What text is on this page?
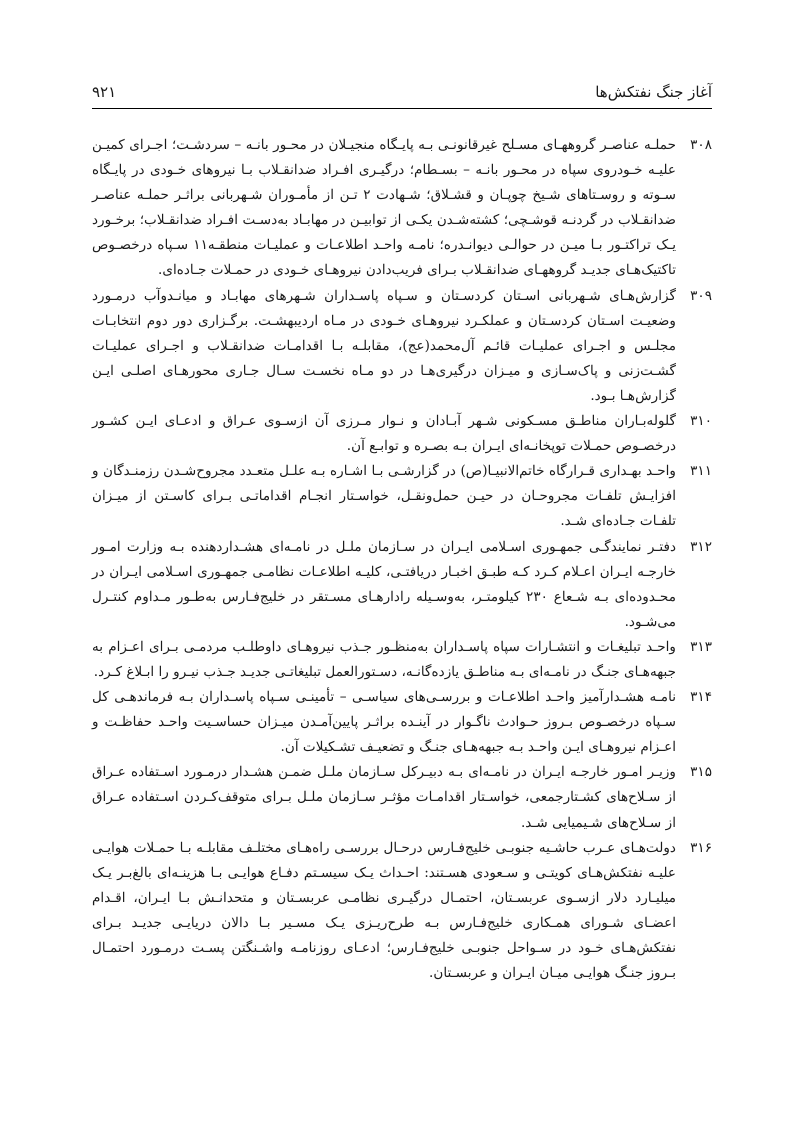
آغاز جنگ نفتکش‌ها
۹۲۱
۳۰۸
حملـه عناصـر گروههـای مسـلح غیرقانونـی بـه پایـگاه منجیـلان در محـور بانـه – سردشـت؛ اجـرای کمیـن علیـه خـودروی سپاه در محـور بانـه – بسـطام؛ درگیـری افـراد ضدانقـلاب بـا نیروهای خـودی در پایـگاه سـوته و روسـتاهای شـیخ چوپـان و قشـلاق؛ شـهادت ۲ تـن از مأمـوران شـهربانی براثـر حملـه عناصـر ضدانقـلاب در گردنـه قوشـچی؛ کشته‌شـدن یکـی از توابیـن در مهابـاد به‌دسـت افـراد ضدانقـلاب؛ برخـورد یـک تراکتـور بـا میـن در حوالـی دیوانـدره؛ نامـه واحـد اطلاعـات و عملیـات منطقـه۱۱ سـپاه درخصـوص تاکتیک‌هـای جدیـد گروههـای ضدانقـلاب بـرای فریب‌دادن نیروهـای خـودی در حمـلات جـاده‌ای.
۳۰۹
گزارش‌هـای شـهربانی اسـتان کردسـتان و سـپاه پاسـداران شـهرهای مهابـاد و میانـدوآب درمـورد وضعیـت اسـتان کردسـتان و عملکـرد نیروهـای خـودی در مـاه اردیبهشـت. برگـزاری دور دوم انتخابـات مجلـس و اجـرای عملیـات قائـم آل‌محمد(عج)، مقابلـه بـا اقدامـات ضدانقـلاب و اجـرای عملیـات گشـت‌زنی و پاک‌سـازی و میـزان درگیری‌هـا در دو مـاه نخسـت سـال جـاری محورهـای اصلـی ایـن گزارش‌هـا بـود.
۳۱۰
گلوله‌بـاران مناطـق مسـکونی شـهر آبـادان و نـوار مـرزی آن ازسـوی عـراق و ادعـای ایـن کشـور درخصـوص حمـلات توپخانـه‌ای ایـران بـه بصـره و توابـع آن.
۳۱۱
واحـد بهـداری قـرارگاه خاتم‌الانبیـا(ص) در گزارشـی بـا اشـاره بـه علـل متعـدد مجروح‌شـدن رزمنـدگان و افزایـش تلفـات مجروحـان در حیـن حمل‌ونقـل، خواسـتار انجـام اقداماتـی بـرای کاسـتن از میـزان تلفـات جـاده‌ای شـد.
۳۱۲
دفتـر نمایندگـی جمهـوری اسـلامی ایـران در سـازمان ملـل در نامـه‌ای هشـداردهنده بـه وزارت امـور خارجـه ایـران اعـلام کـرد کـه طبـق اخبـار دریافتـی، کلیـه اطلاعـات نظامـی جمهـوری اسـلامی ایـران در محـدوده‌ای بـه شـعاع ۲۳۰ کیلومتـر، به‌وسـیله رادارهـای مسـتقر در خلیج‌فـارس به‌طـور مـداوم کنتـرل می‌شـود.
۳۱۳
واحـد تبلیغـات و انتشـارات سپاه پاسـداران به‌منظـور جـذب نیروهـای داوطلـب مردمـی بـرای اعـزام به جبهه‌هـای جنـگ در نامـه‌ای بـه مناطـق یازده‌گانـه، دسـتورالعمل تبلیغاتـی جدیـد جـذب نیـرو را ابـلاغ کـرد.
۳۱۴
نامـه هشـدارآمیز واحـد اطلاعـات و بررسـی‌های سیاسـی – تأمینـی سـپاه پاسـداران بـه فرماندهـی کل سـپاه درخصـوص بـروز حـوادث ناگـوار در آینـده براثـر پایین‌آمـدن میـزان حساسـیت واحـد حفاظـت و اعـزام نیروهـای ایـن واحـد بـه جبهه‌هـای جنـگ و تضعیـف تشـکیلات آن.
۳۱۵
وزیـر امـور خارجـه ایـران در نامـه‌ای بـه دبیـرکل سـازمان ملـل ضمـن هشـدار درمـورد اسـتفاده عـراق از سـلاح‌های کشـتارجمعی، خواسـتار اقدامـات مؤثـر سـازمان ملـل بـرای متوقف‌کـردن اسـتفاده عـراق از سـلاح‌های شـیمیایی شـد.
۳۱۶
دولت‌هـای عـرب حاشـیه جنوبـی خلیج‌فـارس درحـال بررسـی راه‌هـای مختلـف مقابلـه بـا حمـلات هوایـی علیـه نفتکش‌هـای کویتـی و سـعودی هسـتند: احـداث یـک سیسـتم دفـاع هوایـی بـا هزینـه‌ای بالغ‌بـر یـک میلیـارد دلار ازسـوی عربسـتان، احتمـال درگیـری نظامـی عربسـتان و متحدانـش بـا ایـران، اقـدام اعضـای شـورای همـکاری خلیج‌فـارس بـه طرح‌ریـزی یـک مسـیر بـا دالان دریایـی جدیـد بـرای نفتکش‌هـای خـود در سـواحل جنوبـی خلیج‌فـارس؛ ادعـای روزنامـه واشـنگتن پسـت درمـورد احتمـال بـروز جنـگ هوایـی میـان ایـران و عربسـتان.
